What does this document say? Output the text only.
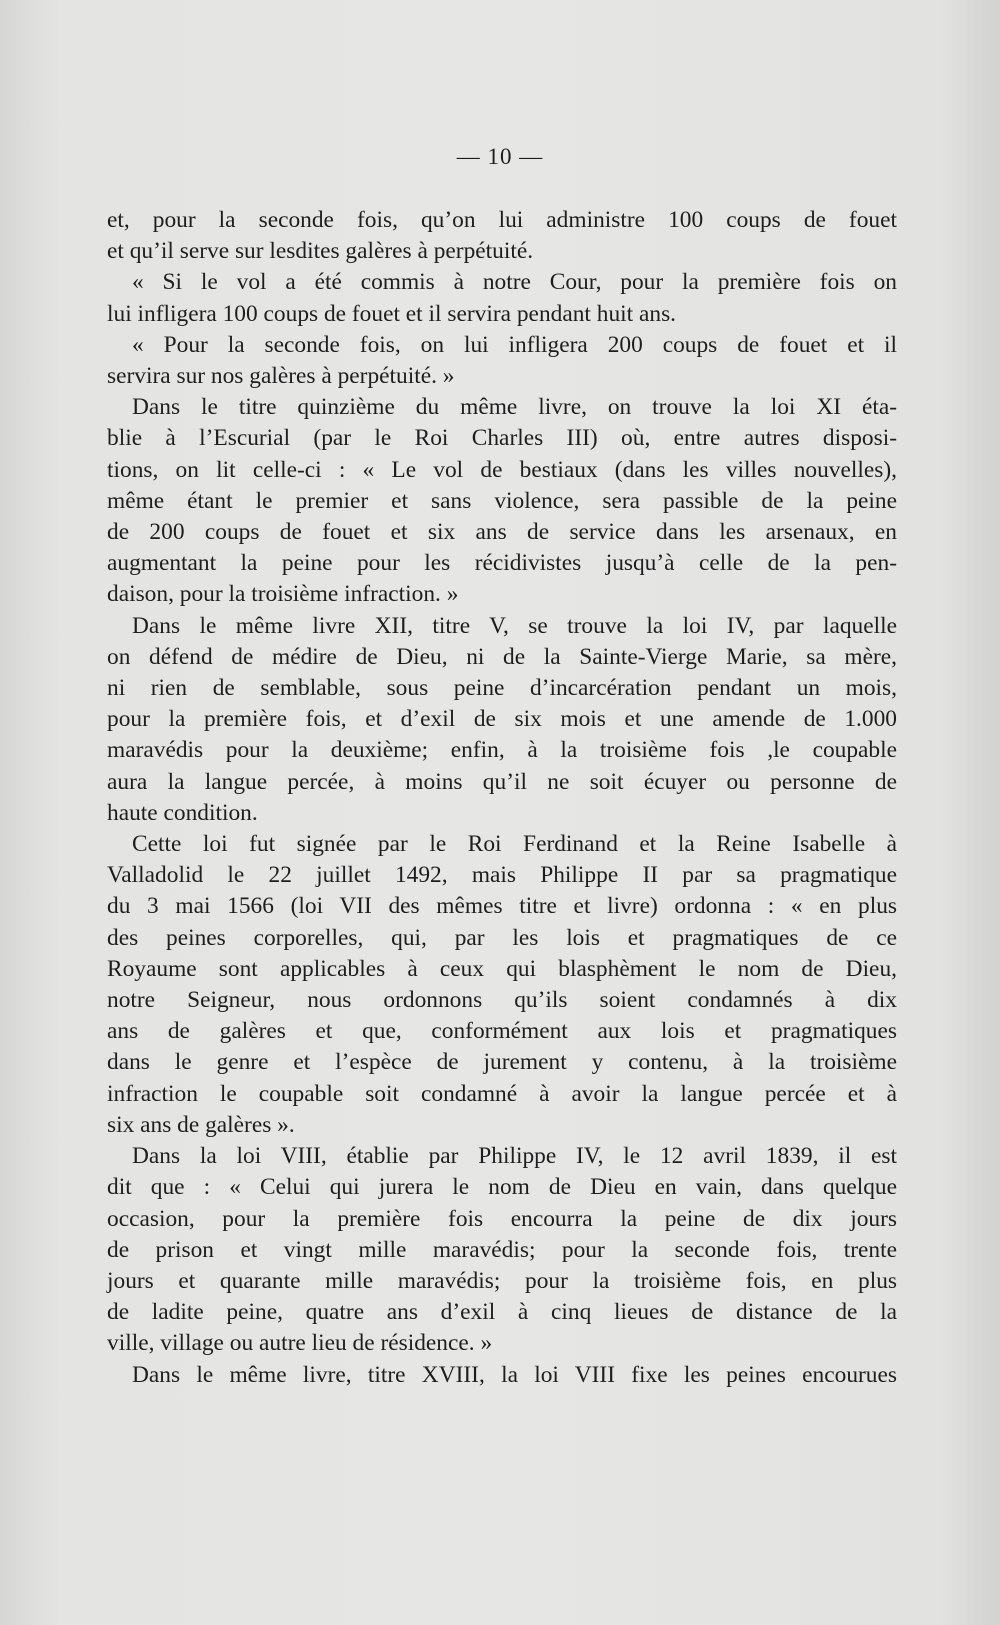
— 10 —
et, pour la seconde fois, qu’on lui administre 100 coups de fouet
et qu’il serve sur lesdites galères à perpétuité.
« Si le vol a été commis à notre Cour, pour la première fois on
lui infligera 100 coups de fouet et il servira pendant huit ans.
« Pour la seconde fois, on lui infligera 200 coups de fouet et il
servira sur nos galères à perpétuité. »
Dans le titre quinzième du même livre, on trouve la loi XI éta-
blie à l’Escurial (par le Roi Charles III) où, entre autres disposi-
tions, on lit celle-ci : « Le vol de bestiaux (dans les villes nouvelles),
même étant le premier et sans violence, sera passible de la peine
de 200 coups de fouet et six ans de service dans les arsenaux, en
augmentant la peine pour les récidivistes jusqu’à celle de la pen-
daison, pour la troisième infraction. »
Dans le même livre XII, titre V, se trouve la loi IV, par laquelle
on défend de médire de Dieu, ni de la Sainte-Vierge Marie, sa mère,
ni rien de semblable, sous peine d’incarcération pendant un mois,
pour la première fois, et d’exil de six mois et une amende de 1.000
maravédis pour la deuxième; enfin, à la troisième fois ,le coupable
aura la langue percée, à moins qu’il ne soit écuyer ou personne de
haute condition.
Cette loi fut signée par le Roi Ferdinand et la Reine Isabelle à
Valladolid le 22 juillet 1492, mais Philippe II par sa pragmatique
du 3 mai 1566 (loi VII des mêmes titre et livre) ordonna : « en plus
des peines corporelles, qui, par les lois et pragmatiques de ce
Royaume sont applicables à ceux qui blasphèment le nom de Dieu,
notre Seigneur, nous ordonnons qu’ils soient condamnés à dix
ans de galères et que, conformément aux lois et pragmatiques
dans le genre et l’espèce de jurement y contenu, à la troisième
infraction le coupable soit condamné à avoir la langue percée et à
six ans de galères ».
Dans la loi VIII, établie par Philippe IV, le 12 avril 1839, il est
dit que : « Celui qui jurera le nom de Dieu en vain, dans quelque
occasion, pour la première fois encourra la peine de dix jours
de prison et vingt mille maravédis; pour la seconde fois, trente
jours et quarante mille maravédis; pour la troisième fois, en plus
de ladite peine, quatre ans d’exil à cinq lieues de distance de la
ville, village ou autre lieu de résidence. »
Dans le même livre, titre XVIII, la loi VIII fixe les peines encourues
